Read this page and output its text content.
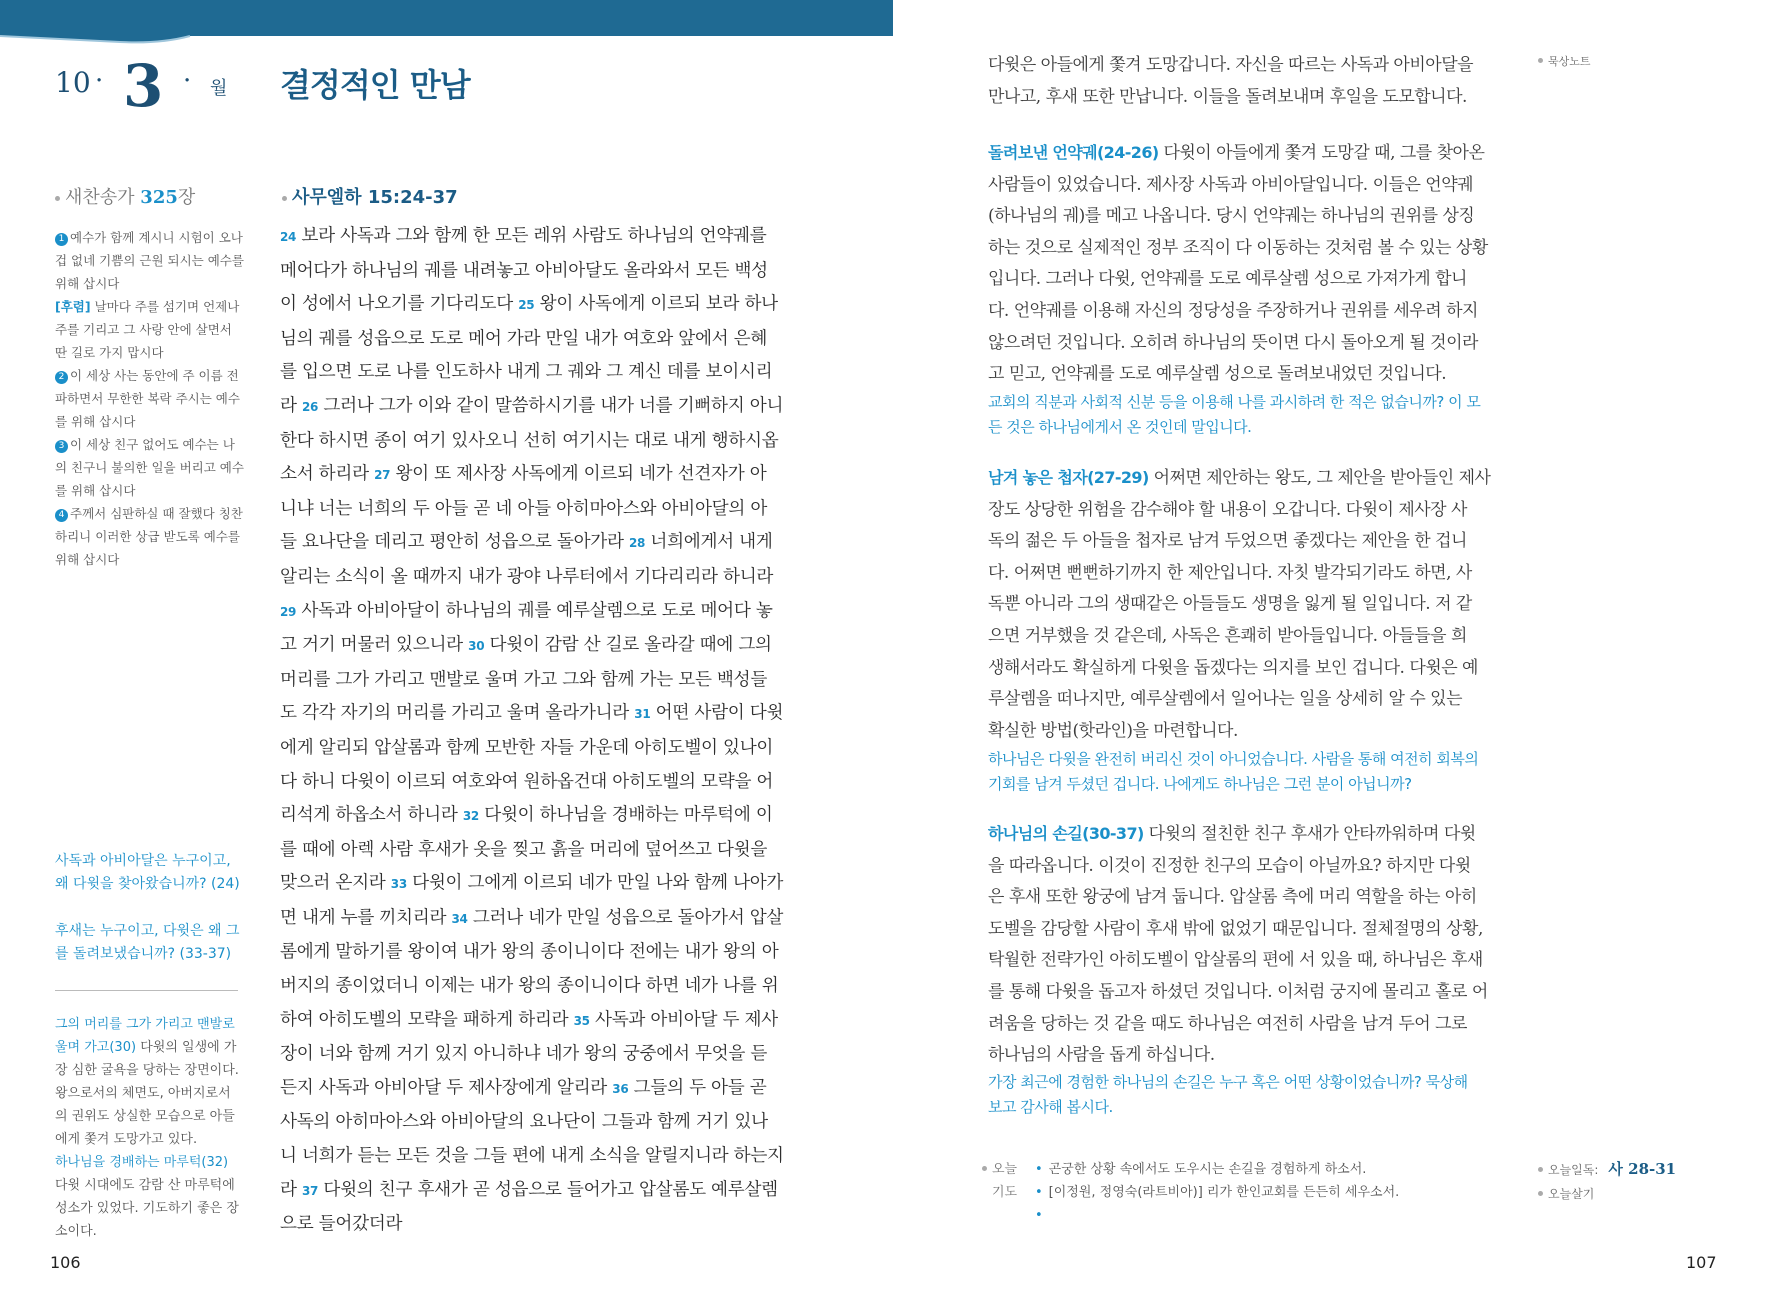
10 · 3 · 월 결정적인 만남
새찬송가 325장

1 예수가 함께 계시니 시험이 오나 겁 없네 기쁨의 근원 되시는 예수를 위해 삽시다

[후렴] 날마다 주를 섬기며 언제나 주를 기리고 그 사랑 안에 살면서 딴 길로 가지 맙시다

2 이 세상 사는 동안에 주 이름 전파하면서 무한한 복락 주시는 예수를 위해 삽시다

3 이 세상 친구 없어도 예수는 나의 친구니 불의한 일을 버리고 예수를 위해 삽시다

4 주께서 심판하실 때 잘했다 칭찬하리니 이러한 상급 받도록 예수를 위해 삽시다

사독과 아비아달은 누구이고, 왜 다윗을 찾아왔습니까? (24)
후새는 누구이고, 다윗은 왜 그를 돌려보냈습니까? (33-37)

그의 머리를 그가 가리고 맨발로 울며 가고(30) 다윗의 일생에 가장 심한 굴욕을 당하는 장면이다. 왕으로서의 체면도, 아버지로서의 권위도 상실한 모습으로 아들에게 쫓겨 도망가고 있다.

하나님을 경배하는 마루턱(32) 다윗 시대에도 감람 산 마루턱에 성소가 있었다. 기도하기 좋은 장소이다.

사무엘하 15:24-37
24 보라 사독과 그와 함께 한 모든 레위 사람도 하나님의 언약궤를
메어다가 하나님의 궤를 내려놓고 아비아달도 올라와서 모든 백성
이 성에서 나오기를 기다리도다 25 왕이 사독에게 이르되 보라 하나
님의 궤를 성읍으로 도로 메어 가라 만일 내가 여호와 앞에서 은혜
를 입으면 도로 나를 인도하사 내게 그 궤와 그 계신 데를 보이시리
라 26 그러나 그가 이와 같이 말씀하시기를 내가 너를 기뻐하지 아니
한다 하시면 종이 여기 있사오니 선히 여기시는 대로 내게 행하시옵
소서 하리라 27 왕이 또 제사장 사독에게 이르되 네가 선견자가 아
니냐 너는 너희의 두 아들 곧 네 아들 아히마아스와 아비아달의 아
들 요나단을 데리고 평안히 성읍으로 돌아가라 28 너희에게서 내게
알리는 소식이 올 때까지 내가 광야 나루터에서 기다리리라 하니라
29 사독과 아비아달이 하나님의 궤를 예루살렘으로 도로 메어다 놓
고 거기 머물러 있으니라 30 다윗이 감람 산 길로 올라갈 때에 그의
머리를 그가 가리고 맨발로 울며 가고 그와 함께 가는 모든 백성들
도 각각 자기의 머리를 가리고 울며 올라가니라 31 어떤 사람이 다윗
에게 알리되 압살롬과 함께 모반한 자들 가운데 아히도벨이 있나이
다 하니 다윗이 이르되 여호와여 원하옵건대 아히도벨의 모략을 어
리석게 하옵소서 하니라 32 다윗이 하나님을 경배하는 마루턱에 이
를 때에 아렉 사람 후새가 옷을 찢고 흙을 머리에 덮어쓰고 다윗을
맞으러 온지라 33 다윗이 그에게 이르되 네가 만일 나와 함께 나아가
면 내게 누를 끼치리라 34 그러나 네가 만일 성읍으로 돌아가서 압살
롬에게 말하기를 왕이여 내가 왕의 종이니이다 전에는 내가 왕의 아
버지의 종이었더니 이제는 내가 왕의 종이니이다 하면 네가 나를 위
하여 아히도벨의 모략을 패하게 하리라 35 사독과 아비아달 두 제사
장이 너와 함께 거기 있지 아니하냐 네가 왕의 궁중에서 무엇을 듣
든지 사독과 아비아달 두 제사장에게 알리라 36 그들의 두 아들 곧
사독의 아히마아스와 아비아달의 요나단이 그들과 함께 거기 있나
니 너희가 듣는 모든 것을 그들 편에 내게 소식을 알릴지니라 하는지
라 37 다윗의 친구 후새가 곧 성읍으로 들어가고 압살롬도 예루살렘
으로 들어갔더라
106	107
묵상노트
다윗은 아들에게 쫓겨 도망갑니다. 자신을 따르는 사독과 아비아달을
만나고, 후새 또한 만납니다. 이들을 돌려보내며 후일을 도모합니다.
돌려보낸 언약궤(24-26) 다윗이 아들에게 쫓겨 도망갈 때, 그를 찾아온
사람들이 있었습니다. 제사장 사독과 아비아달입니다. 이들은 언약궤
(하나님의 궤)를 메고 나옵니다. 당시 언약궤는 하나님의 권위를 상징
하는 것으로 실제적인 정부 조직이 다 이동하는 것처럼 볼 수 있는 상황
입니다. 그러나 다윗, 언약궤를 도로 예루살렘 성으로 가져가게 합니
다. 언약궤를 이용해 자신의 정당성을 주장하거나 권위를 세우려 하지
않으려던 것입니다. 오히려 하나님의 뜻이면 다시 돌아오게 될 것이라
고 믿고, 언약궤를 도로 예루살렘 성으로 돌려보내었던 것입니다.
교회의 직분과 사회적 신분 등을 이용해 나를 과시하려 한 적은 없습니까? 이 모
든 것은 하나님에게서 온 것인데 말입니다.
남겨 놓은 첩자(27-29) 어쩌면 제안하는 왕도, 그 제안을 받아들인 제사
장도 상당한 위험을 감수해야 할 내용이 오갑니다. 다윗이 제사장 사
독의 젊은 두 아들을 첩자로 남겨 두었으면 좋겠다는 제안을 한 겁니
다. 어쩌면 뻔뻔하기까지 한 제안입니다. 자칫 발각되기라도 하면, 사
독뿐 아니라 그의 생때같은 아들들도 생명을 잃게 될 일입니다. 저 같
으면 거부했을 것 같은데, 사독은 흔쾌히 받아들입니다. 아들들을 희
생해서라도 확실하게 다윗을 돕겠다는 의지를 보인 겁니다. 다윗은 예
루살렘을 떠나지만, 예루살렘에서 일어나는 일을 상세히 알 수 있는
확실한 방법(핫라인)을 마련합니다.
하나님은 다윗을 완전히 버리신 것이 아니었습니다. 사람을 통해 여전히 회복의
기회를 남겨 두셨던 겁니다. 나에게도 하나님은 그런 분이 아닙니까?
하나님의 손길(30-37) 다윗의 절친한 친구 후새가 안타까워하며 다윗
을 따라옵니다. 이것이 진정한 친구의 모습이 아닐까요? 하지만 다윗
은 후새 또한 왕궁에 남겨 둡니다. 압살롬 측에 머리 역할을 하는 아히
도벨을 감당할 사람이 후새 밖에 없었기 때문입니다. 절체절명의 상황,
탁월한 전략가인 아히도벨이 압살롬의 편에 서 있을 때, 하나님은 후새
를 통해 다윗을 돕고자 하셨던 것입니다. 이처럼 궁지에 몰리고 홀로 어
려움을 당하는 것 같을 때도 하나님은 여전히 사람을 남겨 두어 그로
하나님의 사람을 돕게 하십니다.
가장 최근에 경험한 하나님의 손길은 누구 혹은 어떤 상황이었습니까? 묵상해
보고 감사해 봅시다.
오늘
기도

• 곤궁한 상황 속에서도 도우시는 손길을 경험하게 하소서.

• [이정원, 정영숙(라트비아)] 리가 한인교회를 든든히 세우소서.

•

오늘일독: 사 28-31
오늘살기
